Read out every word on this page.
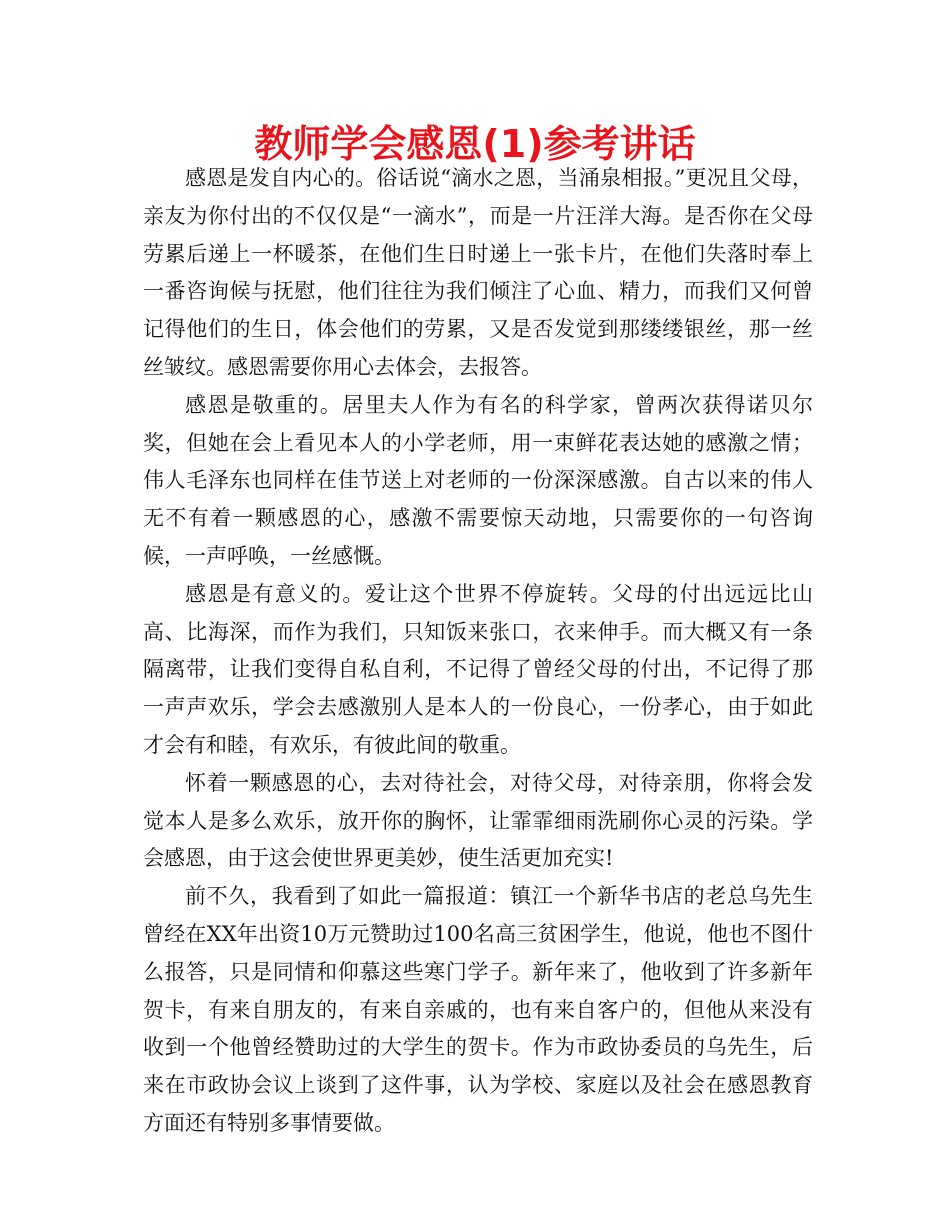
教师学会感恩(1)参考讲话

感恩是发自内心的。俗话说“滴水之恩，当涌泉相报。”更况且父母，亲友为你付出的不仅仅是“一滴水”，而是一片汪洋大海。是否你在父母劳累后递上一杯暖茶，在他们生日时递上一张卡片，在他们失落时奉上一番咨询候与抚慰，他们往往为我们倾注了心血、精力，而我们又何曾记得他们的生日，体会他们的劳累，又是否发觉到那缕缕银丝，那一丝丝皱纹。感恩需要你用心去体会，去报答。

感恩是敬重的。居里夫人作为有名的科学家，曾两次获得诺贝尔奖，但她在会上看见本人的小学老师，用一束鲜花表达她的感激之情；伟人毛泽东也同样在佳节送上对老师的一份深深感激。自古以来的伟人无不有着一颗感恩的心，感激不需要惊天动地，只需要你的一句咨询候，一声呼唤，一丝感慨。

感恩是有意义的。爱让这个世界不停旋转。父母的付出远远比山高、比海深，而作为我们，只知饭来张口，衣来伸手。而大概又有一条隔离带，让我们变得自私自利，不记得了曾经父母的付出，不记得了那一声声欢乐，学会去感激别人是本人的一份良心，一份孝心，由于如此才会有和睦，有欢乐，有彼此间的敬重。

怀着一颗感恩的心，去对待社会，对待父母，对待亲朋，你将会发觉本人是多么欢乐，放开你的胸怀，让霏霏细雨洗刷你心灵的污染。学会感恩，由于这会使世界更美妙，使生活更加充实!

前不久，我看到了如此一篇报道：镇江一个新华书店的老总乌先生曾经在XX年出资10万元赞助过100名高三贫困学生，他说，他也不图什么报答，只是同情和仰慕这些寒门学子。新年来了，他收到了许多新年贺卡，有来自朋友的，有来自亲戚的，也有来自客户的，但他从来没有收到一个他曾经赞助过的大学生的贺卡。作为市政协委员的乌先生，后来在市政协会议上谈到了这件事，认为学校、家庭以及社会在感恩教育方面还有特别多事情要做。
